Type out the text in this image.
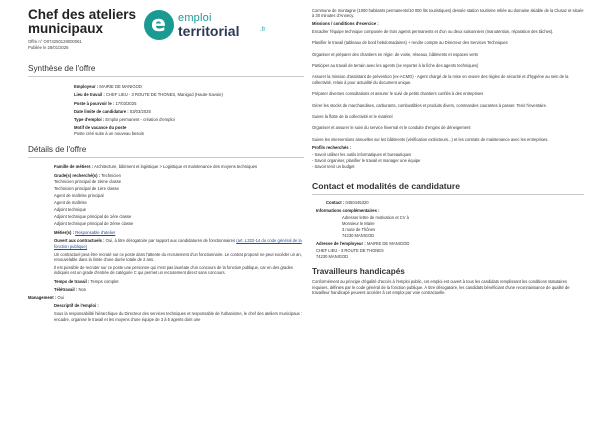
Chef des ateliers municipaux
Offre n° O074250128000061
Publiée le 28/01/2025
Synthèse de l'offre
Employeur : MAIRIE DE MANIGOD
Lieu de travail : CHEF LIEU - 3 ROUTE DE THONES, Manigod (Haute-Savoie)
Poste à pourvoir le : 17/03/2025
Date limite de candidature : 03/03/2025
Type d'emploi : Emploi permanent - création d'emploi
Motif de vacance du poste
Poste créé suite à un nouveau besoin
Détails de l'offre
Famille de métiers : Architecture, bâtiment et logistique > Logistique et maintenance des moyens techniques
Grade(s) recherché(s) : Technicien
Technicien principal de 2ème classe
Technicien principal de 1ère classe
Agent de maîtrise principal
Agent de maîtrise
Adjoint technique
Adjoint technique principal de 1ère classe
Adjoint technique principal de 2ème classe
Métier(s) : Responsable d'atelier
Ouvert aux contractuels : Oui, à titre dérogatoire par rapport aux candidatures de fonctionnaires (art. L332-14 du code général de la fonction publique)
Un contractuel peut être recruté sur ce poste dans l'attente du recrutement d'un fonctionnaire. Le contrat proposé ne peut excéder un an, renouvelable dans la limite d'une durée totale de 2 ans.
Il est possible de recruter sur ce poste une personne qui n'est pas lauréate d'un concours de la fonction publique, car en des grades indiqués est un grade d'entrée de catégorie C qui permet un recrutement direct sans concours.
Temps de travail : Temps complet
Télétravail : Non
Management : Oui
Descriptif de l'emploi :
Sous la responsabilité hiérarchique du Directeur des services techniques et responsable de l'urbanisme, le chef des ateliers municipaux : encadre, organise le travail et les moyens d'une équipe de 3 à 5 agents dont une
e emploi
territorial	.fr
Commune de montagne (1000 habitants permanents/10 000 lits touristiques) dessée station tourisme reliée au domaine skiable de la Clusaz et située à 30 minutes d'Annecy.
Missions / conditions d'exercice :
Encadrer l'équipe technique composée de trois agents permanents et d'un ou deux saisonniers (manutention, réparation des tâches).
Planifier le travail (tableaux de bord hebdomadaires) + rendre compte au Directeur des Services Techniques
Organiser et préparer des chantiers en régie: de voirie, réseaux, bâtiments et espaces verts
Participer au travail de terrain avec les agents (se reporter à la fiche des agents techniques)
Assurer la mission d'assistant de prévention (ex-ACMO) - Agent chargé de la mise en œuvre des règles de sécurité et d'hygiène au sein de la collectivité, relais à pour actualité du document unique.
Préparer diverses consultations et assurer le suivi de petits chantiers confiés à des entreprises
Gérer les stocks de marchandises, carburants, combustibles et produits divers, commandes courantes à passer. Tenir l'inventaire.
Suivre la flotte de la collectivité et le matériel
Organiser et assurer le suivi du service hivernal et le conduite d'engins de déneigement
Suivre les interventions annuelles sur les bâtiments (vérification extincteurs...) et les contrats de maintenance avec les entreprises.
Profils recherchés :
- Savoir utiliser les outils informatiques et bureautiques
- Savoir organiser, planifier le travail et manager une équipe
- Savoir tenir un budget
Contact et modalités de candidature
Contact : 0450445320
Informations complémentaires :
Adresser lettre de motivation et CV à
Monsieur le Maire
3 route de Thônes
74230 MANIGOD
Adresse de l'employeur : MAIRIE DE MANIGOD
CHEF LIEU - 3 ROUTE DE THONES
74230 MANIGOD
Travailleurs handicapés
Conformément au principe d'égalité d'accès à l'emploi public, cet emploi est ouvert à tous les candidats remplissant les conditions statutaires requises, définies par le code général de la fonction publique. À titre dérogatoire, les candidats bénéficiant d'une reconnaissance de qualité de travailleur handicapé peuvent accéder à cet emploi par voie contractuelle.
